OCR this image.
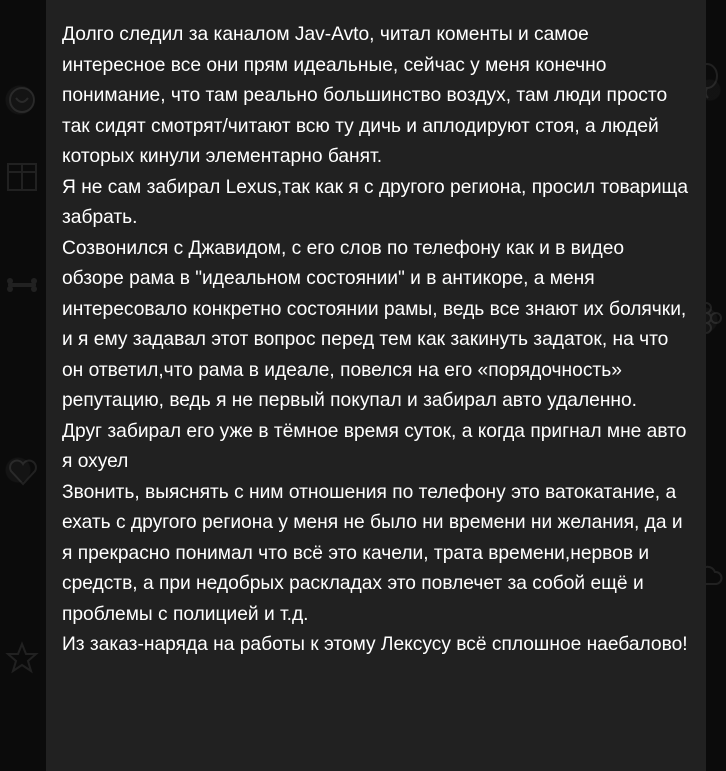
Долго следил за каналом Jav-Avto, читал коменты и самое интересное все они прям идеальные, сейчас у меня конечно понимание, что там реально большинство воздух, там люди просто так сидят смотрят/читают всю ту дичь и аплодируют стоя, а людей которых кинули элементарно банят.
Я не сам забирал Lexus,так как я с другого региона, просил товарища забрать.
Созвонился с Джавидом, с его слов по телефону как и в видео обзоре рама в "идеальном состоянии" и в антикоре, а меня интересовало конкретно состоянии рамы, ведь все знают их болячки, и я ему задавал этот вопрос перед тем как закинуть задаток, на что он ответил,что рама в идеале, повелся на его «порядочность» репутацию, ведь я не первый покупал и забирал авто удаленно.
Друг забирал его уже в тёмное время суток, а когда пригнал мне авто я охуел
Звонить, выяснять с ним отношения по телефону это ватокатание, а ехать с другого региона у меня не было ни времени ни желания, да и я прекрасно понимал что всё это качели, трата времени,нервов и средств, а при недобрых раскладах это повлечет за собой ещё и проблемы с полицией и т.д.
Из заказ-наряда на работы к этому Лексусу всё сплошное наебалово!
